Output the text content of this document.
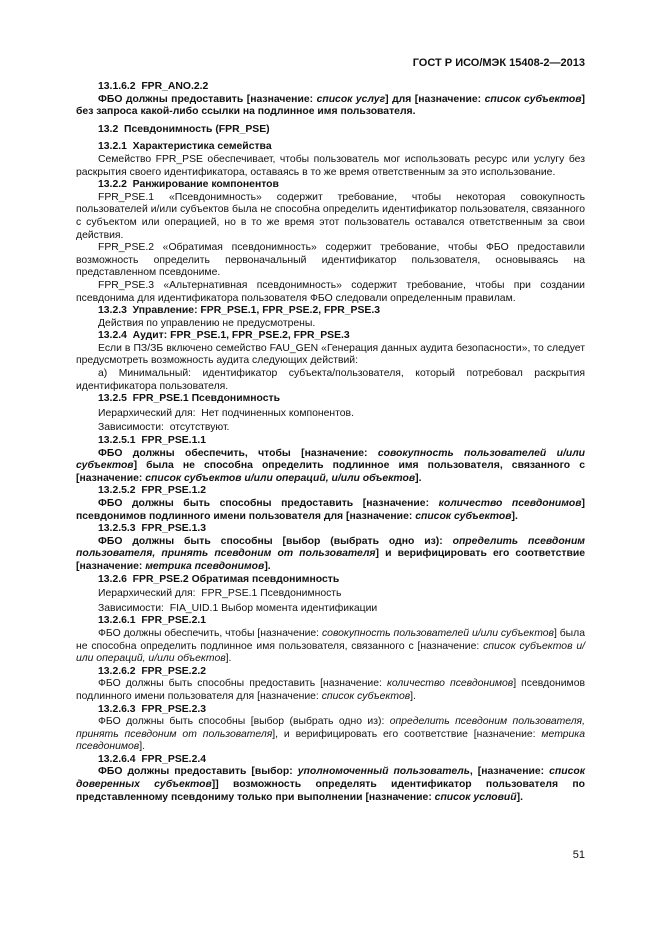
ГОСТ Р ИСО/МЭК 15408-2—2013

13.1.6.2  FPR_ANO.2.2

ФБО должны предоставить [назначение: список услуг] для [назначение: список субъектов] без запроса какой-либо ссылки на подлинное имя пользователя.

13.2  Псевдонимность (FPR_PSE)

13.2.1  Характеристика семейства

Семейство FPR_PSE обеспечивает, чтобы пользователь мог использовать ресурс или услугу без раскрытия своего идентификатора, оставаясь в то же время ответственным за это использование.

13.2.2  Ранжирование компонентов

FPR_PSE.1 «Псевдонимность» содержит требование, чтобы некоторая совокупность пользователей и/или субъектов была не способна определить идентификатор пользователя, связанного с субъектом или операцией, но в то же время этот пользователь оставался ответственным за свои действия.

FPR_PSE.2 «Обратимая псевдонимность» содержит требование, чтобы ФБО предоставили возможность определить первоначальный идентификатор пользователя, основываясь на представленном псевдониме.

FPR_PSE.3 «Альтернативная псевдонимность» содержит требование, чтобы при создании псевдонима для идентификатора пользователя ФБО следовали определенным правилам.

13.2.3  Управление: FPR_PSE.1, FPR_PSE.2, FPR_PSE.3

Действия по управлению не предусмотрены.

13.2.4  Аудит: FPR_PSE.1, FPR_PSE.2, FPR_PSE.3

Если в ПЗ/ЗБ включено семейство FAU_GEN «Генерация данных аудита безопасности», то следует предусмотреть возможность аудита следующих действий:

а) Минимальный: идентификатор субъекта/пользователя, который потребовал раскрытия идентификатора пользователя.

13.2.5  FPR_PSE.1 Псевдонимность

Иерархический для:  Нет подчиненных компонентов.

Зависимости:  отсутствуют.

13.2.5.1  FPR_PSE.1.1

ФБО должны обеспечить, чтобы [назначение: совокупность пользователей и/или субъектов] была не способна определить подлинное имя пользователя, связанного с [назначение: список субъектов и/или операций, и/или объектов].

13.2.5.2  FPR_PSE.1.2

ФБО должны быть способны предоставить [назначение: количество псевдонимов] псевдонимов подлинного имени пользователя для [назначение: список субъектов].

13.2.5.3  FPR_PSE.1.3

ФБО должны быть способны [выбор (выбрать одно из): определить псевдоним пользователя, принять псевдоним от пользователя] и верифицировать его соответствие [назначение: метрика псевдонимов].

13.2.6  FPR_PSE.2 Обратимая псевдонимность

Иерархический для:  FPR_PSE.1 Псевдонимность

Зависимости:  FIA_UID.1 Выбор момента идентификации

13.2.6.1  FPR_PSE.2.1

ФБО должны обеспечить, чтобы [назначение: совокупность пользователей и/или субъектов] была не способна определить подлинное имя пользователя, связанного с [назначение: список субъектов и/или операций, и/или объектов].

13.2.6.2  FPR_PSE.2.2

ФБО должны быть способны предоставить [назначение: количество псевдонимов] псевдонимов подлинного имени пользователя для [назначение: список субъектов].

13.2.6.3  FPR_PSE.2.3

ФБО должны быть способны [выбор (выбрать одно из): определить псевдоним пользователя, принять псевдоним от пользователя], и верифицировать его соответствие [назначение: метрика псевдонимов].

13.2.6.4  FPR_PSE.2.4

ФБО должны предоставить [выбор: уполномоченный пользователь, [назначение: список доверенных субъектов]] возможность определять идентификатор пользователя по представленному псевдониму только при выполнении [назначение: список условий].

51
